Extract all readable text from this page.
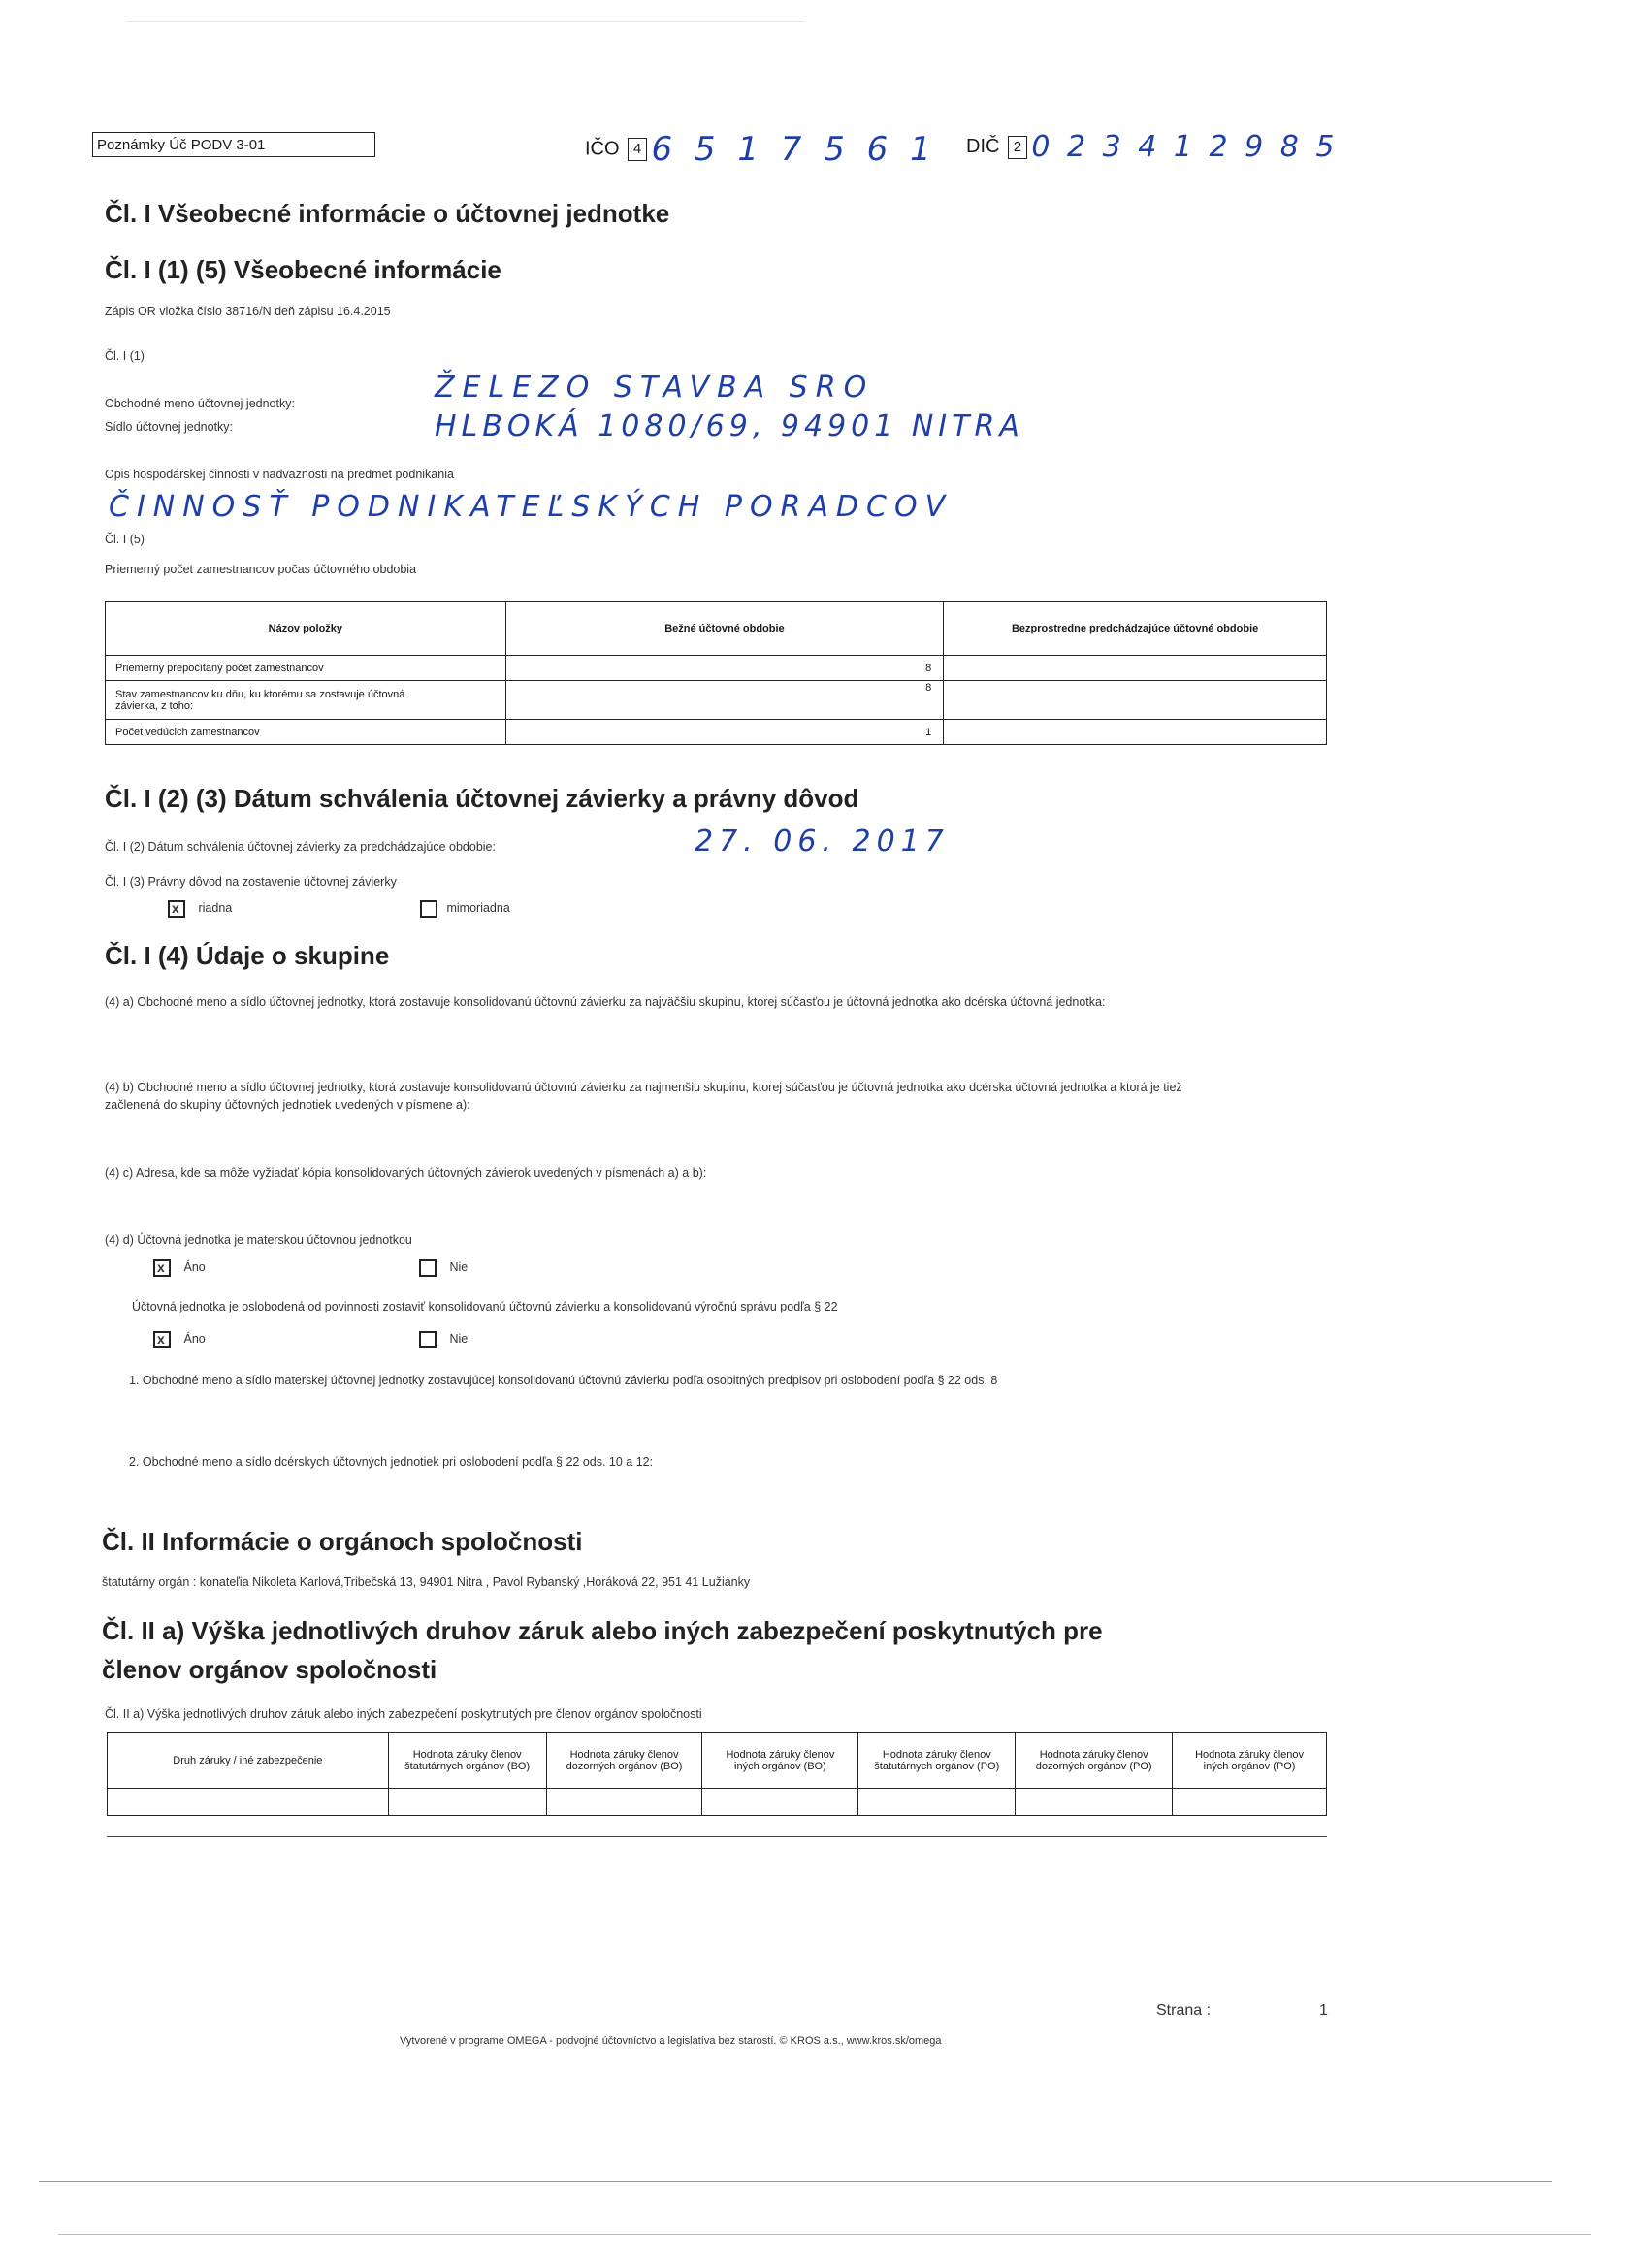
Poznámky Úč PODV 3-01	IČO 4 6 5 1 7 5 6 1 DIČ 2 0 2 3 4 1 2 9 8 5
Čl. I Všeobecné informácie o účtovnej jednotke
Čl. I (1) (5) Všeobecné informácie
Zápis OR vložka číslo 38716/N deň zápisu 16.4.2015
Čl. I (1)
Obchodné meno účtovnej jednotky:	ŽELEZO STAVBA SRO
Sídlo účtovnej jednotky:	HLBOKÁ 1080/69, 94901 NITRA
Opis hospodárskej činnosti v nadväznosti na predmet podnikania
ČINNOSŤ PODNIKATEĽSKÝCH PORADCOV
Čl. I (5)
Priemerný počet zamestnancov počas účtovného obdobia
Názov položky	Bežné účtovné obdobie	Bezprostredne predchádzajúce účtovné obdobie
Priemerný prepočítaný počet zamestnancov	8	
Stav zamestnancov ku dňu, ku ktorému sa zostavuje účtovná závierka, z toho:	8	
Počet vedúcich zamestnancov	1	
Čl. I (2) (3) Dátum schválenia účtovnej závierky a právny dôvod
Čl. I (2) Dátum schválenia účtovnej závierky za predchádzajúce obdobie:	27. 06. 2017
Čl. I (3) Právny dôvod na zostavenie účtovnej závierky
x riadna	mimoriadna
Čl. I (4) Údaje o skupine
(4) a) Obchodné meno a sídlo účtovnej jednotky, ktorá zostavuje konsolidovanú účtovnú závierku za najväčšiu skupinu, ktorej súčasťou je účtovná jednotka ako dcérska účtovná jednotka:
(4) b) Obchodné meno a sídlo účtovnej jednotky, ktorá zostavuje konsolidovanú účtovnú závierku za najmenšiu skupinu, ktorej súčasťou je účtovná jednotka ako dcérska účtovná jednotka a ktorá je tiež začlenená do skupiny účtovných jednotiek uvedených v písmene a):
(4) c) Adresa, kde sa môže vyžiadať kópia konsolidovaných účtovných závierok uvedených v písmenách a) a b):
(4) d) Účtovná jednotka je materskou účtovnou jednotkou
x Áno	Nie
Účtovná jednotka je oslobodená od povinnosti zostaviť konsolidovanú účtovnú závierku a konsolidovanú výročnú správu podľa § 22
x Áno	Nie
1. Obchodné meno a sídlo materskej účtovnej jednotky zostavujúcej konsolidovanú účtovnú závierku podľa osobitných predpisov pri oslobodení podľa § 22 ods. 8
2. Obchodné meno a sídlo dcérskych účtovných jednotiek pri oslobodení podľa § 22 ods. 10 a 12:
Čl. II Informácie o orgánoch spoločnosti
štatutárny orgán : konateľia Nikoleta Karlová,Tribečská 13, 94901 Nitra , Pavol Rybanský ,Horáková 22, 951 41 Lužianky
Čl. II a) Výška jednotlivých druhov záruk alebo iných zabezpečení poskytnutých pre
členov orgánov spoločnosti
Čl. II a) Výška jednotlivých druhov záruk alebo iných zabezpečení poskytnutých pre členov orgánov spoločnosti
Druh záruky / iné zabezpečenie	Hodnota záruky členov štatutárnych orgánov (BO)	Hodnota záruky členov dozorných orgánov (BO)	Hodnota záruky členov iných orgánov (BO)	Hodnota záruky členov štatutárnych orgánov (PO)	Hodnota záruky členov dozorných orgánov (PO)	Hodnota záruky členov iných orgánov (PO)

Strana :	1
Vytvorené v programe OMEGA - podvojné účtovníctvo a legislatíva bez starostí. © KROS a.s., www.kros.sk/omega
